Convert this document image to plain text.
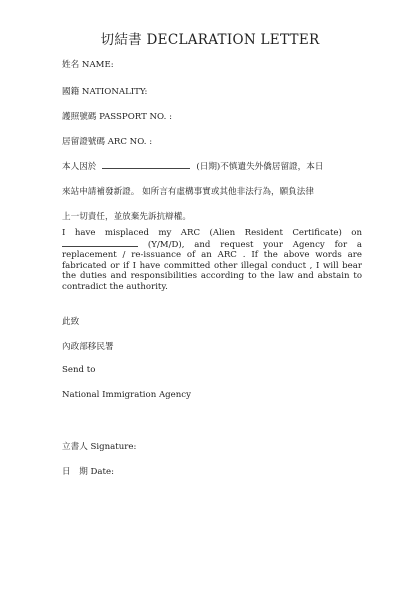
切結書 DECLARATION LETTER
姓名 NAME:
國籍 NATIONALITY:
護照號碼 PASSPORT NO. :
居留證號碼 ARC NO. :
本人因於	(日期)不慎遺失外僑居留證，本日
來站申請補發新證。 如所言有虛構事實或其他非法行為，願負法律
上一切責任，並放棄先訴抗辯權。
I have misplaced my ARC (Alien Resident Certificate) on  (Y/M/D), and request your Agency for a replacement / re-issuance of an ARC . If the above words are fabricated or if I have committed other illegal conduct , I will bear the duties and responsibilities according to the law and abstain to contradict the authority.
此致
內政部移民署
Send to
National Immigration Agency
立書人 Signature:
日　期 Date:
